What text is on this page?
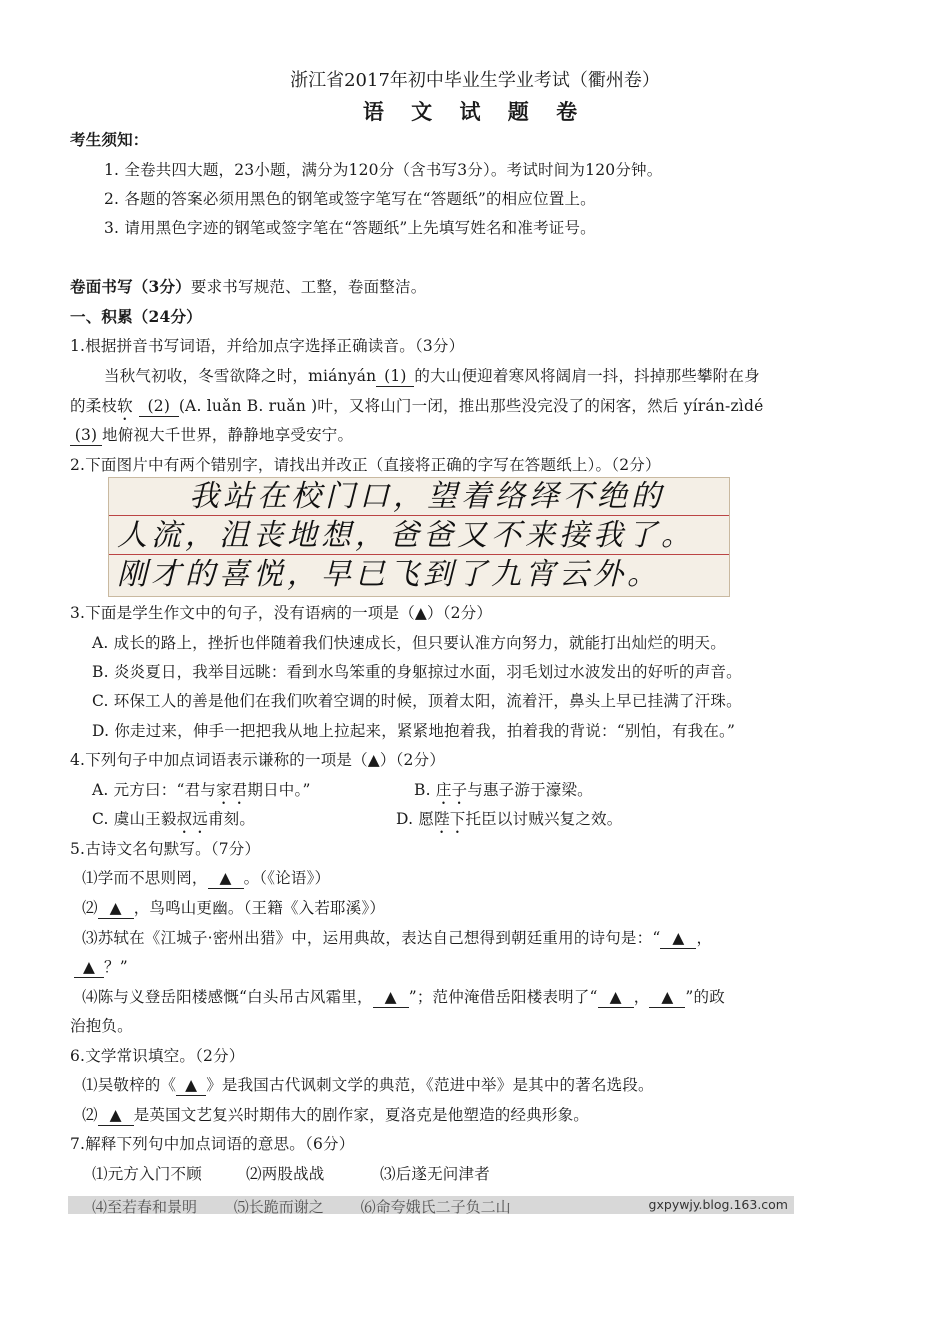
浙江省2017年初中毕业生学业考试（衢州卷）
语 文 试 题 卷
考生须知：
1. 全卷共四大题，23小题，满分为120分（含书写3分）。考试时间为120分钟。
2. 各题的答案必须用黑色的钢笔或签字笔写在“答题纸”的相应位置上。
3. 请用黑色字迹的钢笔或签字笔在“答题纸”上先填写姓名和准考证号。
卷面书写（3分）要求书写规范、工整，卷面整洁。
一、积累（24分）
1.根据拼音书写词语，并给加点字选择正确读音。（3分）
当秋气初收，冬雪欲降之时，miányán (1) 的大山便迎着寒风将阔肩一抖，抖掉那些攀附在身
的柔枝软 (2) (A. luǎn B. ruǎn )叶，又将山门一闭，推出那些没完没了的闲客，然后 yírán-zìdé
(3) 地俯视大千世界，静静地享受安宁。
2.下面图片中有两个错别字，请找出并改正（直接将正确的字写在答题纸上）。（2分）
我站在校门口，望着络绎不绝的
人流，沮丧地想，爸爸又不来接我了。
刚才的喜悦，早已飞到了九宵云外。
3.下面是学生作文中的句子，没有语病的一项是（▲）（2分）
A. 成长的路上，挫折也伴随着我们快速成长，但只要认准方向努力，就能打出灿烂的明天。
B. 炎炎夏日，我举目远眺：看到水鸟笨重的身躯掠过水面，羽毛划过水波发出的好听的声音。
C. 环保工人的善是他们在我们吹着空调的时候，顶着太阳，流着汗，鼻头上早已挂满了汗珠。
D. 你走过来，伸手一把把我从地上拉起来，紧紧地抱着我，拍着我的背说：“别怕，有我在。”
4.下列句子中加点词语表示谦称的一项是（▲）（2分）
A. 元方曰：“君与家君期日中。”	B. 庄子与惠子游于濠梁。
C. 虞山王毅叔远甫刻。	D. 愿陛下托臣以讨贼兴复之效。
5.古诗文名句默写。（7分）
⑴学而不思则罔， ▲ 。（《论语》）
⑵ ▲ ，鸟鸣山更幽。（王籍《入若耶溪》）
⑶苏轼在《江城子·密州出猎》中，运用典故，表达自己想得到朝廷重用的诗句是：“ ▲ ，
▲ ？”
⑷陈与义登岳阳楼感慨“白头吊古风霜里， ▲ ”；范仲淹借岳阳楼表明了“ ▲ ， ▲ ”的政
治抱负。
6.文学常识填空。（2分）
⑴吴敬梓的《 ▲ 》是我国古代讽刺文学的典范，《范进中举》是其中的著名选段。
⑵ ▲ 是英国文艺复兴时期伟大的剧作家，夏洛克是他塑造的经典形象。
7.解释下列句中加点词语的意思。（6分）
⑴元方入门不顾	⑵两股战战	⑶后遂无问津者
⑷至若春和景明 ⑸长跪而谢之 ⑹命夸娥氏二子负二山	gxpywjy.blog.163.com
